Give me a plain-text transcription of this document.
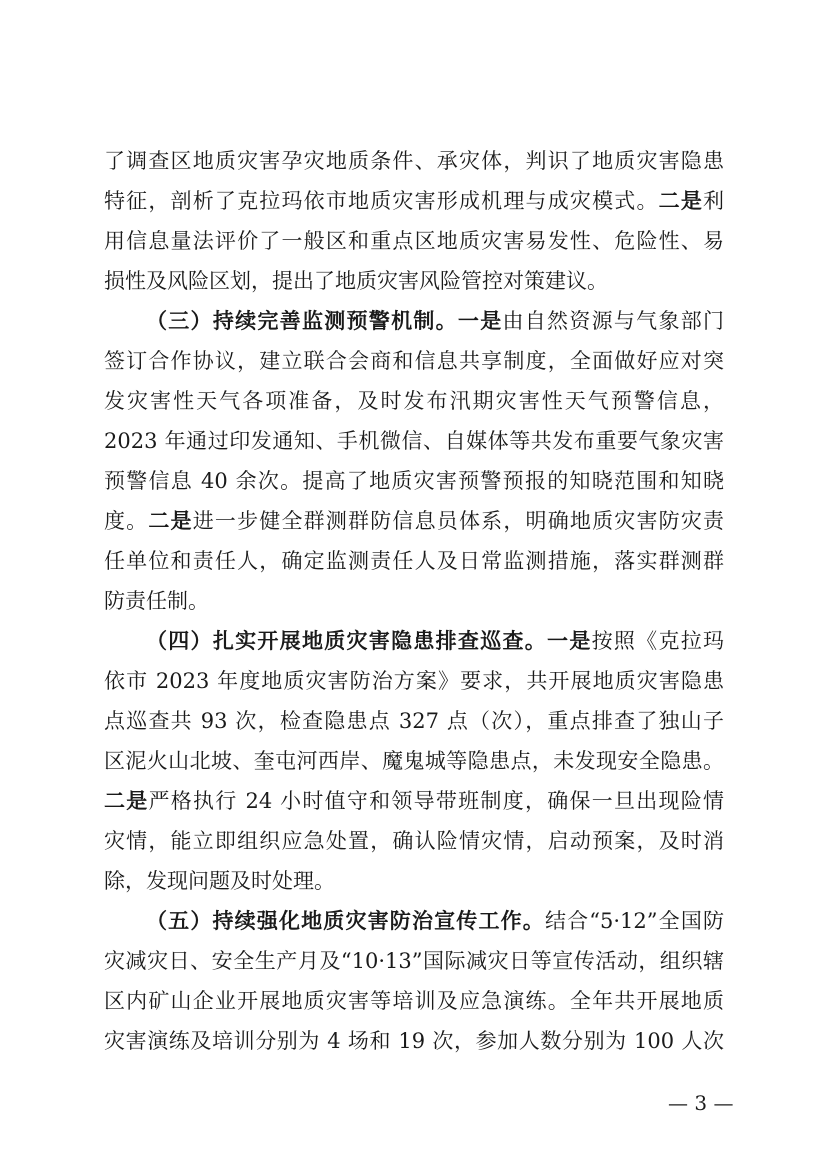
了调查区地质灾害孕灾地质条件、承灾体，判识了地质灾害隐患
特征，剖析了克拉玛依市地质灾害形成机理与成灾模式。二是利
用信息量法评价了一般区和重点区地质灾害易发性、危险性、易
损性及风险区划，提出了地质灾害风险管控对策建议。
（三）持续完善监测预警机制。一是由自然资源与气象部门
签订合作协议，建立联合会商和信息共享制度，全面做好应对突
发灾害性天气各项准备，及时发布汛期灾害性天气预警信息，
2023 年通过印发通知、手机微信、自媒体等共发布重要气象灾害
预警信息 40 余次。提高了地质灾害预警预报的知晓范围和知晓
度。二是进一步健全群测群防信息员体系，明确地质灾害防灾责
任单位和责任人，确定监测责任人及日常监测措施，落实群测群
防责任制。
（四）扎实开展地质灾害隐患排查巡查。一是按照《克拉玛
依市 2023 年度地质灾害防治方案》要求，共开展地质灾害隐患
点巡查共 93 次，检查隐患点 327 点（次），重点排查了独山子
区泥火山北坡、奎屯河西岸、魔鬼城等隐患点，未发现安全隐患。
二是严格执行 24 小时值守和领导带班制度，确保一旦出现险情
灾情，能立即组织应急处置，确认险情灾情，启动预案，及时消
除，发现问题及时处理。
（五）持续强化地质灾害防治宣传工作。结合“5·12”全国防
灾减灾日、安全生产月及“10·13”国际减灾日等宣传活动，组织辖
区内矿山企业开展地质灾害等培训及应急演练。全年共开展地质
灾害演练及培训分别为 4 场和 19 次，参加人数分别为 100 人次
— 3 —
